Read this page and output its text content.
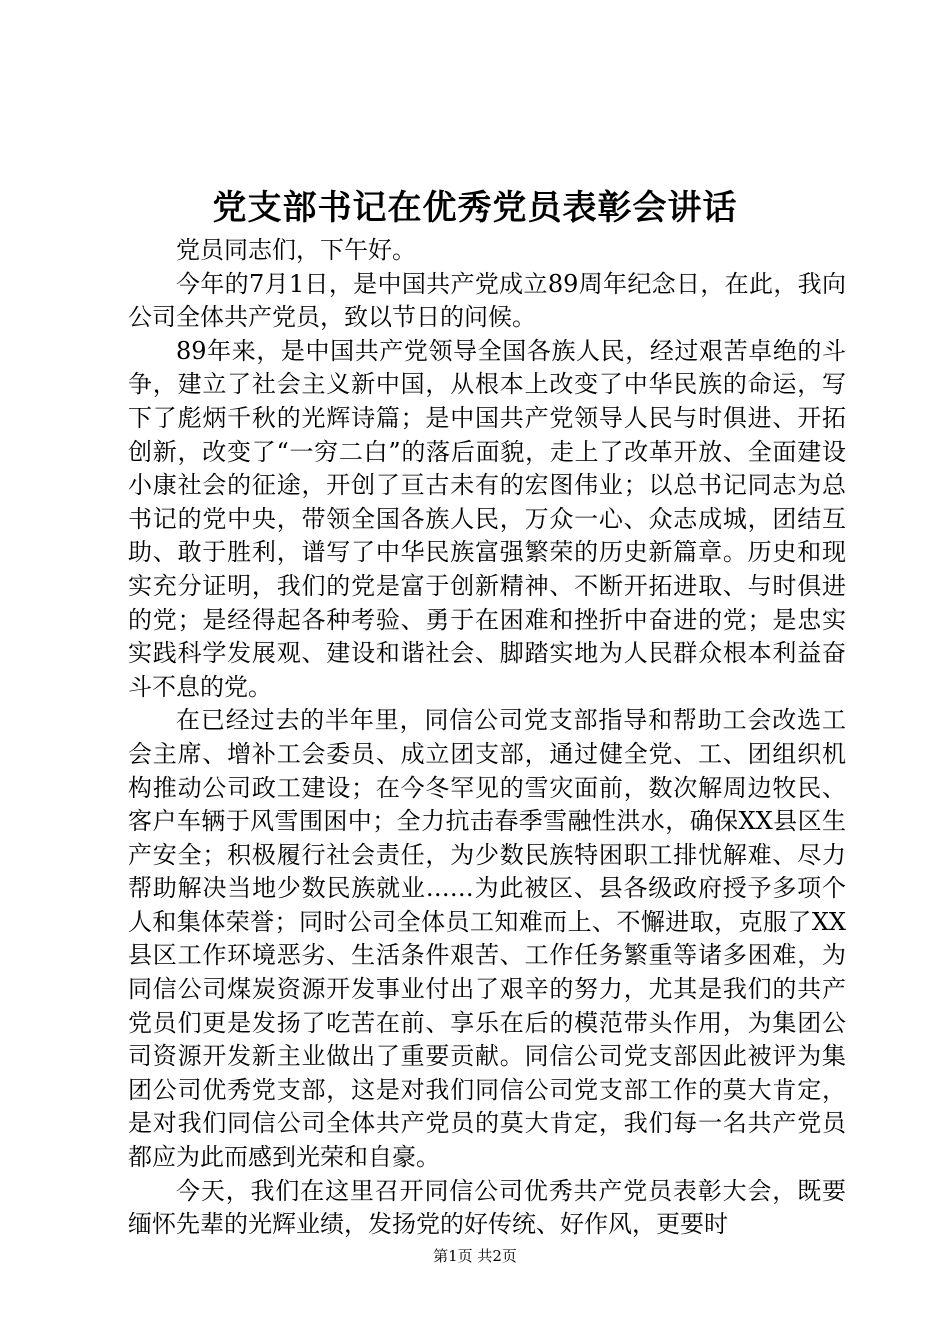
党支部书记在优秀党员表彰会讲话

党员同志们，下午好。

今年的7月1日，是中国共产党成立89周年纪念日，在此，我向公司全体共产党员，致以节日的问候。

89年来，是中国共产党领导全国各族人民，经过艰苦卓绝的斗争，建立了社会主义新中国，从根本上改变了中华民族的命运，写下了彪炳千秋的光辉诗篇；是中国共产党领导人民与时俱进、开拓创新，改变了“一穷二白”的落后面貌，走上了改革开放、全面建设小康社会的征途，开创了亘古未有的宏图伟业；以总书记同志为总书记的党中央，带领全国各族人民，万众一心、众志成城，团结互助、敢于胜利，谱写了中华民族富强繁荣的历史新篇章。历史和现实充分证明，我们的党是富于创新精神、不断开拓进取、与时俱进的党；是经得起各种考验、勇于在困难和挫折中奋进的党；是忠实实践科学发展观、建设和谐社会、脚踏实地为人民群众根本利益奋斗不息的党。

在已经过去的半年里，同信公司党支部指导和帮助工会改选工会主席、增补工会委员、成立团支部，通过健全党、工、团组织机构推动公司政工建设；在今冬罕见的雪灾面前，数次解周边牧民、客户车辆于风雪围困中；全力抗击春季雪融性洪水，确保XX县区生产安全；积极履行社会责任，为少数民族特困职工排忧解难、尽力帮助解决当地少数民族就业……为此被区、县各级政府授予多项个人和集体荣誉；同时公司全体员工知难而上、不懈进取，克服了XX县区工作环境恶劣、生活条件艰苦、工作任务繁重等诸多困难，为同信公司煤炭资源开发事业付出了艰辛的努力，尤其是我们的共产党员们更是发扬了吃苦在前、享乐在后的模范带头作用，为集团公司资源开发新主业做出了重要贡献。同信公司党支部因此被评为集团公司优秀党支部，这是对我们同信公司党支部工作的莫大肯定，是对我们同信公司全体共产党员的莫大肯定，我们每一名共产党员都应为此而感到光荣和自豪。

今天，我们在这里召开同信公司优秀共产党员表彰大会，既要缅怀先辈的光辉业绩，发扬党的好传统、好作风，更要时

第1页 共2页
